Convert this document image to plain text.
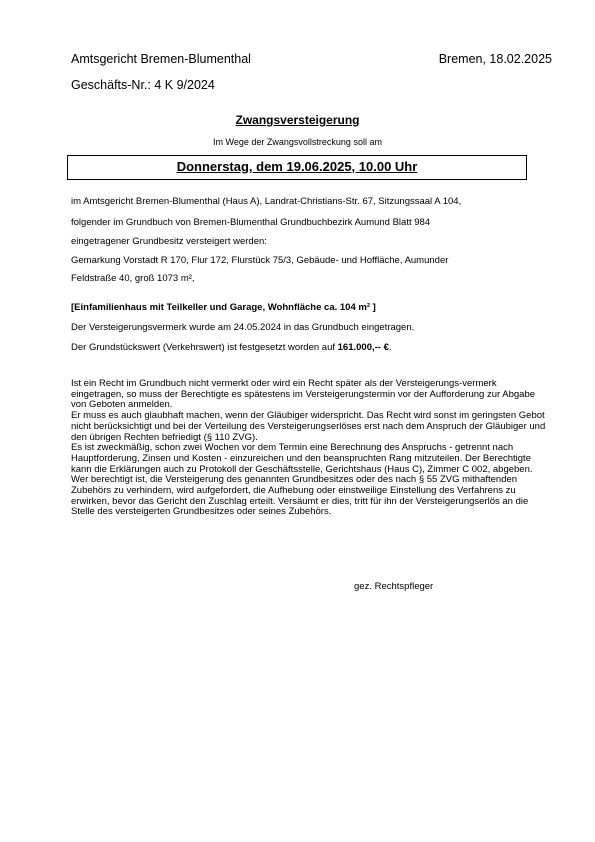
Amtsgericht Bremen-Blumenthal	Bremen, 18.02.2025
Geschäfts-Nr.: 4 K 9/2024
Zwangsversteigerung
Im Wege der Zwangsvollstreckung soll am
Donnerstag, dem 19.06.2025, 10.00 Uhr
im Amtsgericht Bremen-Blumenthal (Haus A), Landrat-Christians-Str. 67, Sitzungssaal A 104,
folgender im Grundbuch von Bremen-Blumenthal Grundbuchbezirk Aumund Blatt 984
eingetragener Grundbesitz versteigert werden:
Gemarkung Vorstadt R 170, Flur 172, Flurstück 75/3, Gebäude- und Hoffläche, Aumunder
Feldstraße 40, groß 1073 m²,
[Einfamilienhaus mit Teilkeller und Garage, Wohnfläche ca. 104 m² ]
Der Versteigerungsvermerk wurde am 24.05.2024 in das Grundbuch eingetragen.
Der Grundstückswert (Verkehrswert) ist festgesetzt worden auf 161.000,-- €.

Ist ein Recht im Grundbuch nicht vermerkt oder wird ein Recht später als der Versteigerungs-vermerk eingetragen, so muss der Berechtigte es spätestens im Versteigerungstermin vor der Aufforderung zur Abgabe von Geboten anmelden.

Er muss es auch glaubhaft machen, wenn der Gläubiger widerspricht. Das Recht wird sonst im geringsten Gebot nicht berücksichtigt und bei der Verteilung des Versteigerungserlöses erst nach dem Anspruch der Gläubiger und den übrigen Rechten befriedigt (§ 110 ZVG).

Es ist zweckmäßig, schon zwei Wochen vor dem Termin eine Berechnung des Anspruchs - getrennt nach Hauptforderung, Zinsen und Kosten - einzureichen und den beanspruchten Rang mitzuteilen. Der Berechtigte kann die Erklärungen auch zu Protokoll der Geschäftsstelle, Gerichtshaus (Haus C), Zimmer C 002, abgeben.

Wer berechtigt ist, die Versteigerung des genannten Grundbesitzes oder des nach § 55 ZVG mithaftenden Zubehörs zu verhindern, wird aufgefordert, die Aufhebung oder einstweilige Einstellung des Verfahrens zu erwirken, bevor das Gericht den Zuschlag erteilt. Versäumt er dies, tritt für ihn der Versteigerungserlös an die Stelle des versteigerten Grundbesitzes oder seines Zubehörs.

gez. Rechtspfleger
